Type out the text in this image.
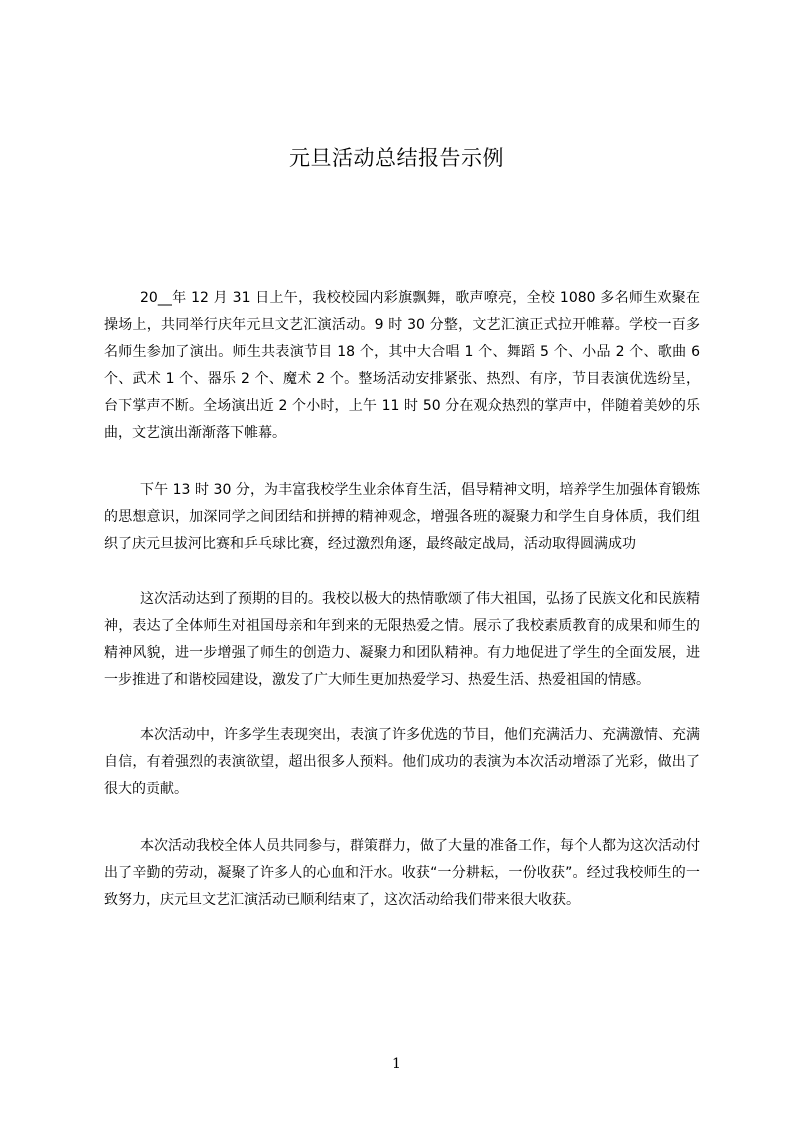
元旦活动总结报告示例

20__年 12 月 31 日上午，我校校园内彩旗飘舞，歌声嘹亮，全校 1080 多名师生欢聚在操场上，共同举行庆年元旦文艺汇演活动。9 时 30 分整，文艺汇演正式拉开帷幕。学校一百多名师生参加了演出。师生共表演节目 18 个，其中大合唱 1 个、舞蹈 5 个、小品 2 个、歌曲 6 个、武术 1 个、器乐 2 个、魔术 2 个。整场活动安排紧张、热烈、有序，节目表演优选纷呈，台下掌声不断。全场演出近 2 个小时，上午 11 时 50 分在观众热烈的掌声中，伴随着美妙的乐曲，文艺演出渐渐落下帷幕。

下午 13 时 30 分，为丰富我校学生业余体育生活，倡导精神文明，培养学生加强体育锻炼的思想意识，加深同学之间团结和拼搏的精神观念，增强各班的凝聚力和学生自身体质，我们组织了庆元旦拔河比赛和乒乓球比赛，经过激烈角逐，最终敲定战局，活动取得圆满成功

这次活动达到了预期的目的。我校以极大的热情歌颂了伟大祖国，弘扬了民族文化和民族精神，表达了全体师生对祖国母亲和年到来的无限热爱之情。展示了我校素质教育的成果和师生的精神风貌，进一步增强了师生的创造力、凝聚力和团队精神。有力地促进了学生的全面发展，进一步推进了和谐校园建设，激发了广大师生更加热爱学习、热爱生活、热爱祖国的情感。

本次活动中，许多学生表现突出，表演了许多优选的节目，他们充满活力、充满激情、充满自信，有着强烈的表演欲望，超出很多人预料。他们成功的表演为本次活动增添了光彩，做出了很大的贡献。

本次活动我校全体人员共同参与，群策群力，做了大量的准备工作，每个人都为这次活动付出了辛勤的劳动，凝聚了许多人的心血和汗水。收获“一分耕耘，一份收获”。经过我校师生的一致努力，庆元旦文艺汇演活动已顺利结束了，这次活动给我们带来很大收获。

1
